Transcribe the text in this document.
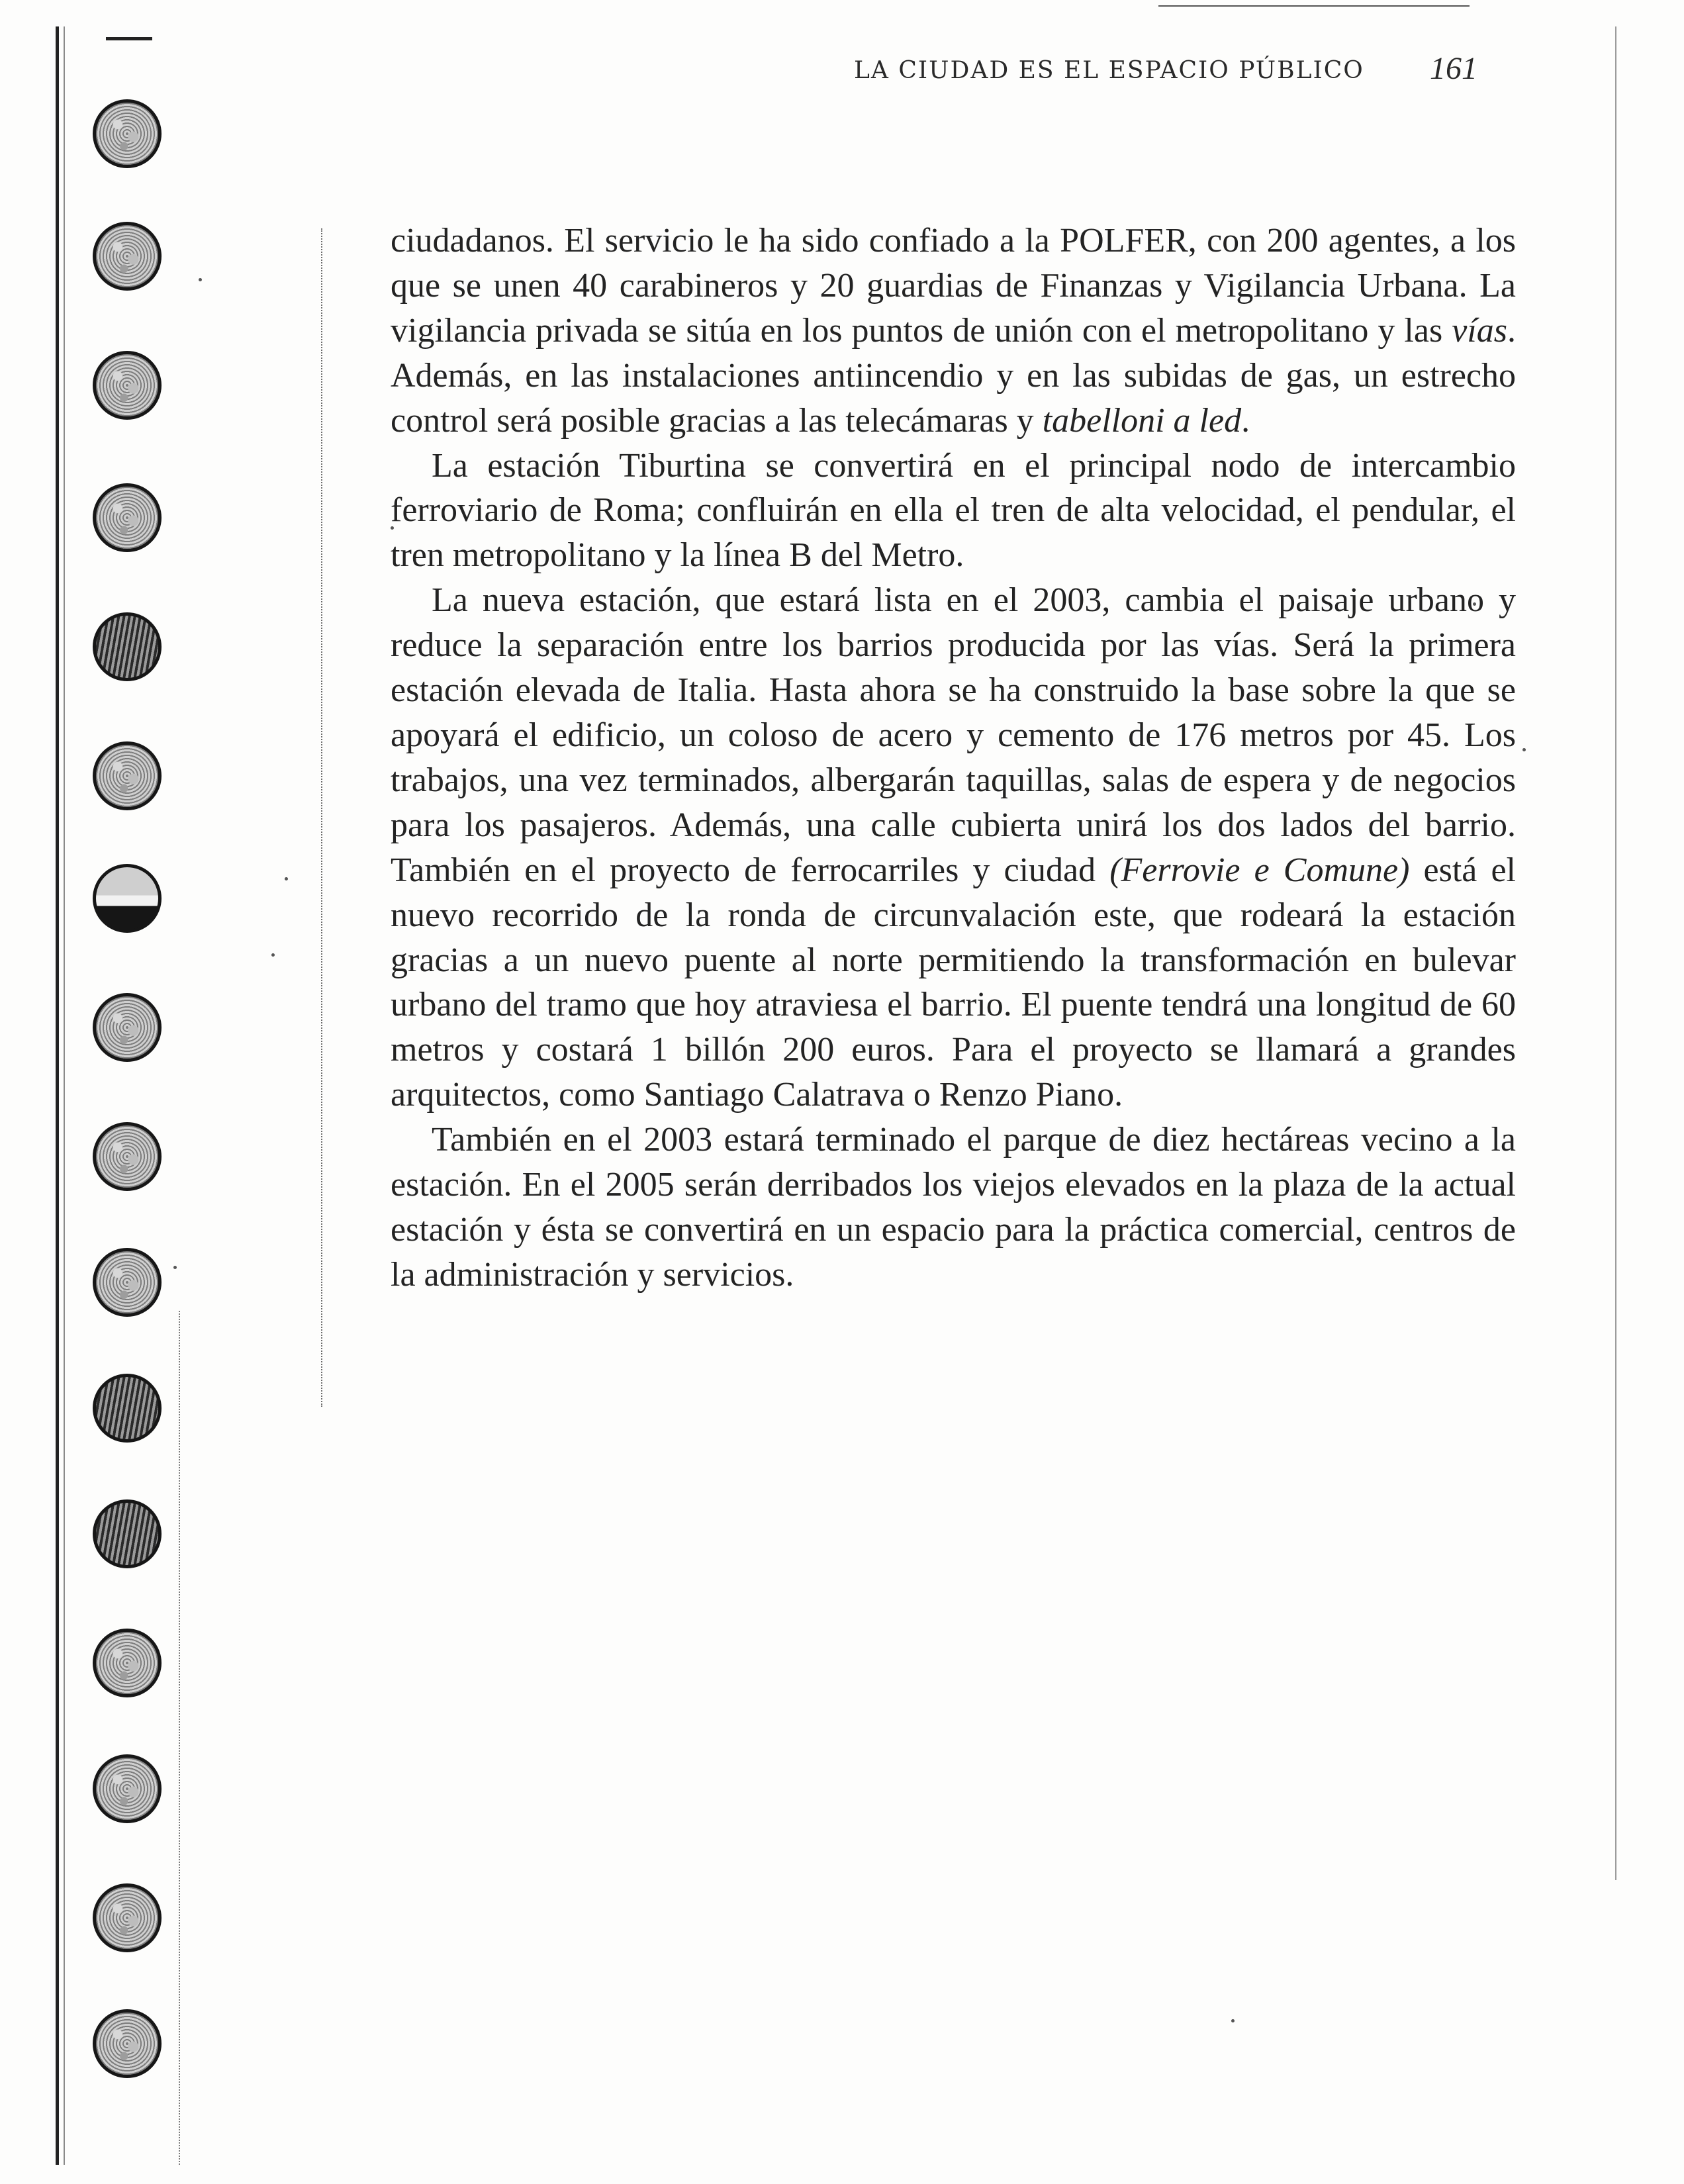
LA CIUDAD ES EL ESPACIO PÚBLICO	161

ciudadanos. El servicio le ha sido confiado a la POLFER, con 200 agentes, a los que se unen 40 carabineros y 20 guardias de Finanzas y Vigilancia Urbana. La vigilancia privada se sitúa en los puntos de unión con el metropolitano y las vías. Además, en las instalaciones antiincendio y en las subidas de gas, un estrecho control será posible gracias a las telecámaras y tabelloni a led.

La estación Tiburtina se convertirá en el principal nodo de intercambio ferroviario de Roma; confluirán en ella el tren de alta velocidad, el pendular, el tren metropolitano y la línea B del Metro.

La nueva estación, que estará lista en el 2003, cambia el paisaje urbano y reduce la separación entre los barrios producida por las vías. Será la primera estación elevada de Italia. Hasta ahora se ha construido la base sobre la que se apoyará el edificio, un coloso de acero y cemento de 176 metros por 45. Los trabajos, una vez terminados, albergarán taquillas, salas de espera y de negocios para los pasajeros. Además, una calle cubierta unirá los dos lados del barrio. También en el proyecto de ferrocarriles y ciudad (Ferrovie e Comune) está el nuevo recorrido de la ronda de circunvalación este, que rodeará la estación gracias a un nuevo puente al norte permitiendo la transformación en bulevar urbano del tramo que hoy atraviesa el barrio. El puente tendrá una longitud de 60 metros y costará 1 billón 200 euros. Para el proyecto se llamará a grandes arquitectos, como Santiago Calatrava o Renzo Piano.

También en el 2003 estará terminado el parque de diez hectáreas vecino a la estación. En el 2005 serán derribados los viejos elevados en la plaza de la actual estación y ésta se convertirá en un espacio para la práctica comercial, centros de la administración y servicios.
